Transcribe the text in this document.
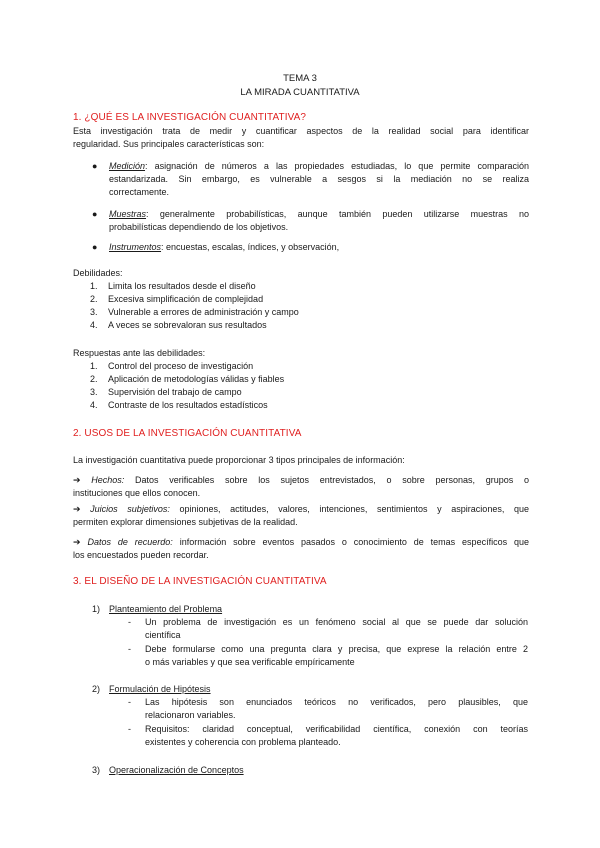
TEMA 3
LA MIRADA CUANTITATIVA
1. ¿QUÉ ES LA INVESTIGACIÓN CUANTITATIVA?
Esta investigación trata de medir y cuantificar aspectos de la realidad social para identificar
regularidad. Sus principales características son:
● Medición: asignación de números a las propiedades estudiadas, lo que permite comparación
estandarizada. Sin embargo, es vulnerable a sesgos si la mediación no se realiza
correctamente.
● Muestras: generalmente probabilísticas, aunque también pueden utilizarse muestras no
probabilísticas dependiendo de los objetivos.
● Instrumentos: encuestas, escalas, índices, y observación,
Debilidades:
1. Limita los resultados desde el diseño
2. Excesiva simplificación de complejidad
3. Vulnerable a errores de administración y campo
4. A veces se sobrevaloran sus resultados
Respuestas ante las debilidades:
1. Control del proceso de investigación
2. Aplicación de metodologías válidas y fiables
3. Supervisión del trabajo de campo
4. Contraste de los resultados estadísticos
2. USOS DE LA INVESTIGACIÓN CUANTITATIVA
La investigación cuantitativa puede proporcionar 3 tipos principales de información:
➔ Hechos: Datos verificables sobre los sujetos entrevistados, o sobre personas, grupos o
instituciones que ellos conocen.
➔ Juicios subjetivos: opiniones, actitudes, valores, intenciones, sentimientos y aspiraciones, que
permiten explorar dimensiones subjetivas de la realidad.
➔ Datos de recuerdo: información sobre eventos pasados o conocimiento de temas específicos que
los encuestados pueden recordar.
3. EL DISEÑO DE LA INVESTIGACIÓN CUANTITATIVA
1) Planteamiento del Problema
- Un problema de investigación es un fenómeno social al que se puede dar solución
científica
- Debe formularse como una pregunta clara y precisa, que exprese la relación entre 2
o más variables y que sea verificable empíricamente
2) Formulación de Hipótesis
- Las hipótesis son enunciados teóricos no verificados, pero plausibles, que
relacionaron variables.
- Requisitos: claridad conceptual, verificabilidad científica, conexión con teorías
existentes y coherencia con problema planteado.
3) Operacionalización de Conceptos
